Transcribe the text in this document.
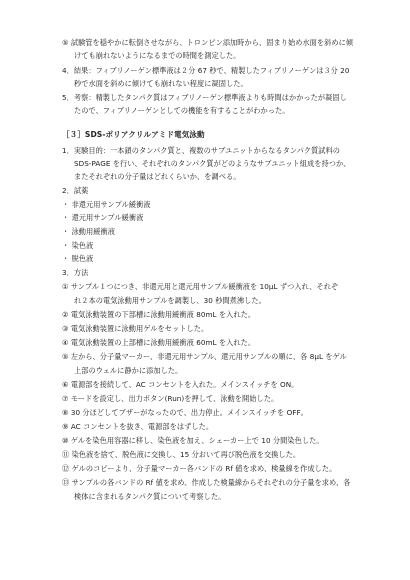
⑤ 試験管を穏やかに転倒させながら、トロンビン添加時から、固まり始め水面を斜めに傾
けても崩れないようになるまでの時間を測定した。
4．結果：フィブリノーゲン標準液は２分 67 秒で、精製したフィブリノーゲンは３分 20
秒で水面を斜めに傾けても崩れない程度に凝固した。
5．考察：精製したタンパク質はフィブリノーゲン標準液よりも時間はかかったが凝固し
たので、フィブリノーゲンとしての機能を有することがわかった。
［３］SDS-ポリアクリルアミド電気泳動
1．実験目的：一本鎖のタンパク質と、複数のサブユニットからなるタンパク質試料の
SDS-PAGE を行い、それぞれのタンパク質がどのようなサブユニット組成を持つか、
またそれぞれの分子量はどれくらいか、を調べる。
2．試薬
・ 非還元用サンプル緩衝液
・ 還元用サンプル緩衝液
・ 泳動用緩衝液
・ 染色液
・ 脱色液
3．方法
① サンプル１つにつき、非還元用と還元用サンプル緩衝液を 10μL ずつ入れ、それぞ
れ２本の電気泳動用サンプルを調製し、30 秒間煮沸した。
② 電気泳動装置の下部槽に泳動用緩衝液 80mL を入れた。
③ 電気泳動装置に泳動用ゲルをセットした。
④ 電気泳動装置の上部槽に泳動用緩衝液 60mL を入れた。
⑤ 左から、分子量マーカー、非還元用サンプル、還元用サンプルの順に、各 8μL をゲル
上部のウェルに静かに添加した。
⑥ 電源部を接続して、AC コンセントを入れた。メインスイッチを ON。
⑦ モードを設定し、出力ボタン(Run)を押して、泳動を開始した。
⑧ 30 分ほどしてブザーがなったので、出力停止。メインスイッチを OFF。
⑨ AC コンセントを抜き、電源部をはずした。
⑩ ゲルを染色用容器に移し、染色液を加え、シェーカー上で 10 分間染色した。
⑪ 染色液を捨て、脱色液に交換し、15 分おいて再び脱色液を交換した。
⑫ ゲルのコピーより、分子量マーカー各バンドの Rf 値を求め、検量線を作成した。
⑬ サンプルの各バンドの Rf 値を求め、作成した検量線からそれぞれの分子量を求め、各
検体に含まれるタンパク質について考察した。
